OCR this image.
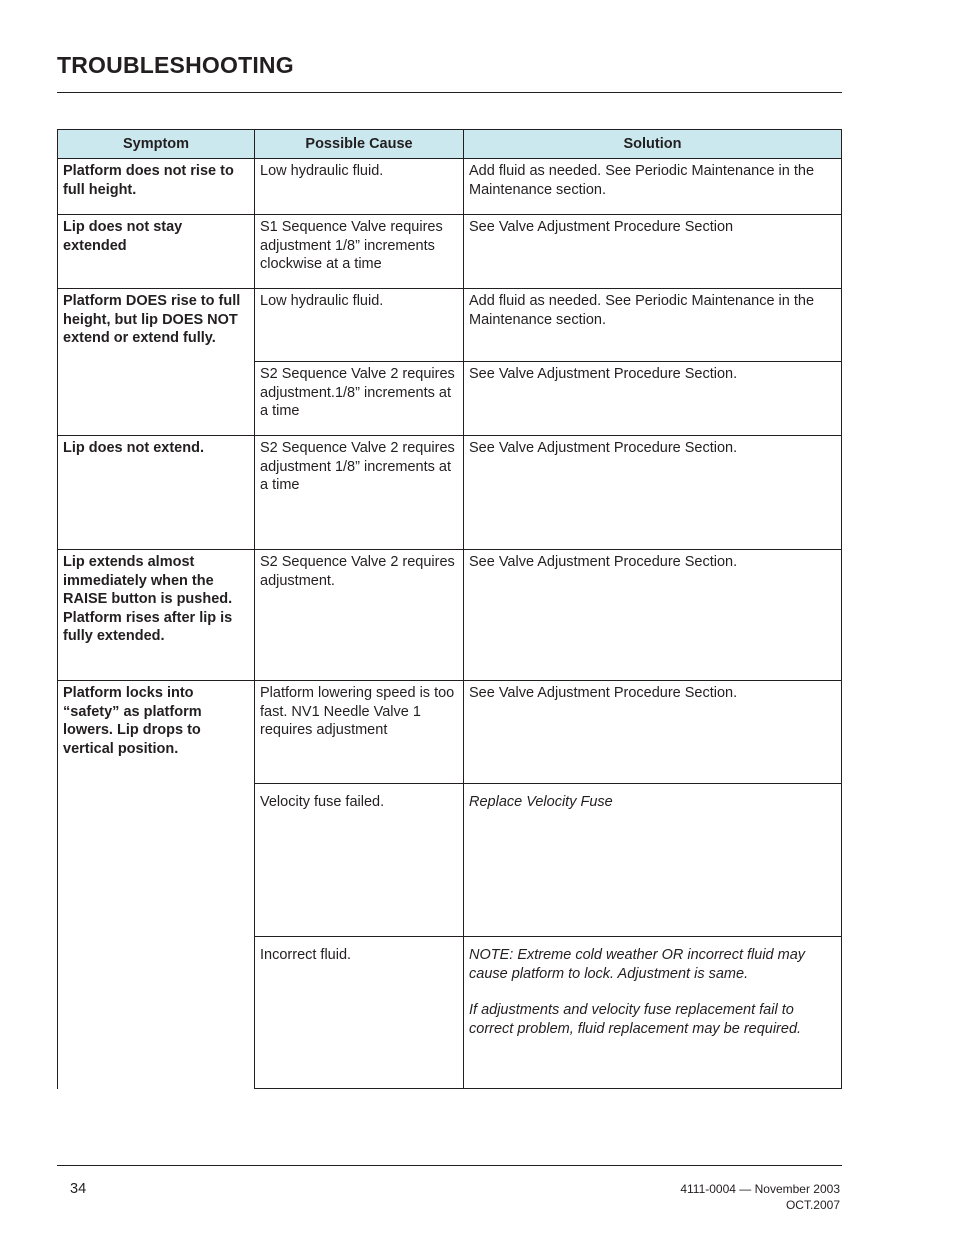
TROUBLESHOOTING
Symptom	Possible Cause	Solution
Platform does not rise to full height.	Low hydraulic fluid.	Add fluid as needed. See Periodic Maintenance in the Maintenance section.
Lip does not stay extended	S1 Sequence Valve requires adjustment 1/8” increments clockwise at a time	See Valve Adjustment Procedure Section
Platform DOES rise to full height, but lip DOES NOT extend or extend fully.	Low hydraulic fluid.	Add fluid as needed. See Periodic Maintenance in the Maintenance section.
	S2 Sequence Valve 2 requires adjustment.1/8” increments at a time	See Valve Adjustment Procedure Section.
Lip does not extend.	S2 Sequence Valve 2 requires adjustment 1/8” increments at a time	See Valve Adjustment Procedure Section.
Lip extends almost immediately when the RAISE button is pushed. Platform rises after lip is fully extended.	S2 Sequence Valve 2 requires adjustment.	See Valve Adjustment Procedure Section.
Platform locks into “safety” as platform lowers. Lip drops to vertical position.	Platform lowering speed is too fast. NV1 Needle Valve 1 requires adjustment	See Valve Adjustment Procedure Section.
	Velocity fuse failed.	Replace Velocity Fuse
	Incorrect fluid.	NOTE: Extreme cold weather OR incorrect fluid may cause platform to lock. Adjustment is same.
If adjustments and velocity fuse replacement fail to correct problem, fluid replacement may be required.
34	4111-0004 — November 2003
OCT.2007
